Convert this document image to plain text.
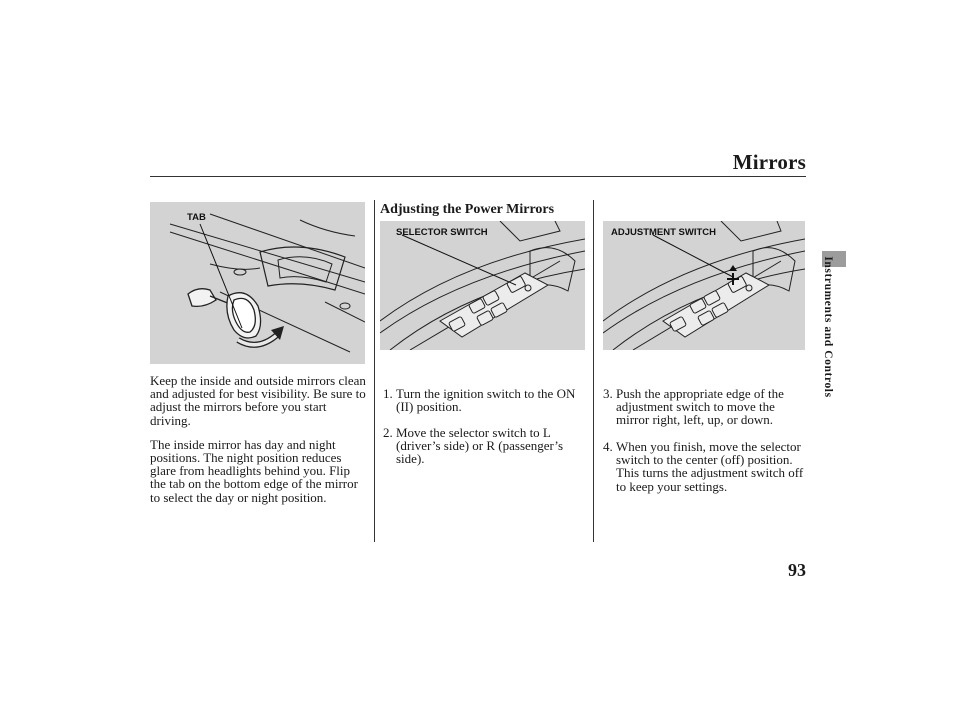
Mirrors
Instruments and Controls
TAB
SELECTOR SWITCH	ADJUSTMENT SWITCH
Adjusting the Power Mirrors

Keep the inside and outside mirrors clean and adjusted for best visibility. Be sure to adjust the mirrors before you start driving.

The inside mirror has day and night positions. The night position reduces glare from headlights behind you. Flip the tab on the bottom edge of the mirror to select the day or night position.

1. Turn the ignition switch to the ON (II) position.
2. Move the selector switch to L (driver’s side) or R (passenger’s side).
3. Push the appropriate edge of the adjustment switch to move the mirror right, left, up, or down.
4. When you finish, move the selector switch to the center (off) position. This turns the adjustment switch off to keep your settings.
93
